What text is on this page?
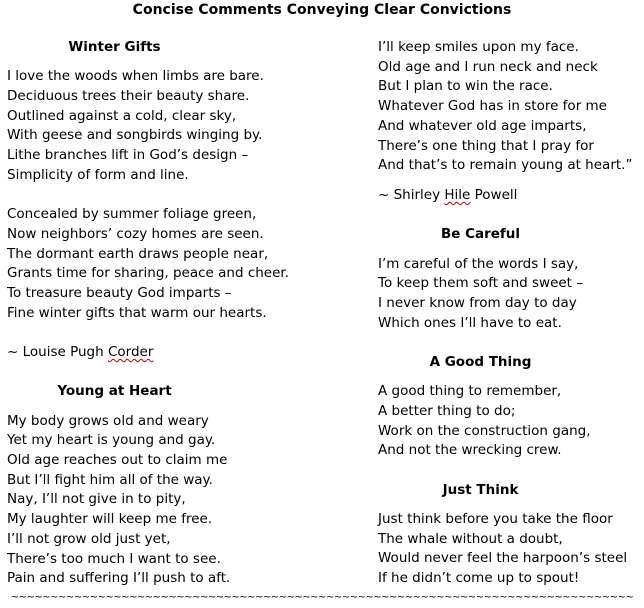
Concise Comments Conveying Clear Convictions
Winter Gifts
I love the woods when limbs are bare.
Deciduous trees their beauty share.
Outlined against a cold, clear sky,
With geese and songbirds winging by.
Lithe branches lift in God’s design –
Simplicity of form and line.
Concealed by summer foliage green,
Now neighbors’ cozy homes are seen.
The dormant earth draws people near,
Grants time for sharing, peace and cheer.
To treasure beauty God imparts –
Fine winter gifts that warm our hearts.
~ Louise Pugh Corder
Young at Heart
My body grows old and weary
Yet my heart is young and gay.
Old age reaches out to claim me
But I’ll fight him all of the way.
Nay, I’ll not give in to pity,
My laughter will keep me free.
I’ll not grow old just yet,
There’s too much I want to see.
Pain and suffering I’ll push to aft.
I’ll keep smiles upon my face.
Old age and I run neck and neck
But I plan to win the race.
Whatever God has in store for me
And whatever old age imparts,
There’s one thing that I pray for
And that’s to remain young at heart.”
~ Shirley Hile Powell
Be Careful
I’m careful of the words I say,
To keep them soft and sweet –
I never know from day to day
Which ones I’ll have to eat.
A Good Thing
A good thing to remember,
A better thing to do;
Work on the construction gang,
And not the wrecking crew.
Just Think
Just think before you take the floor
The whale without a doubt,
Would never feel the harpoon’s steel
If he didn’t come up to spout!
~~~~~~~~~~~~~~~~~~~~~~~~~~~~~~~~~~~~~~~~~~~~~~~~~~~~~~~~~~~~~~~~~~~~~~~~~~~~~~~
